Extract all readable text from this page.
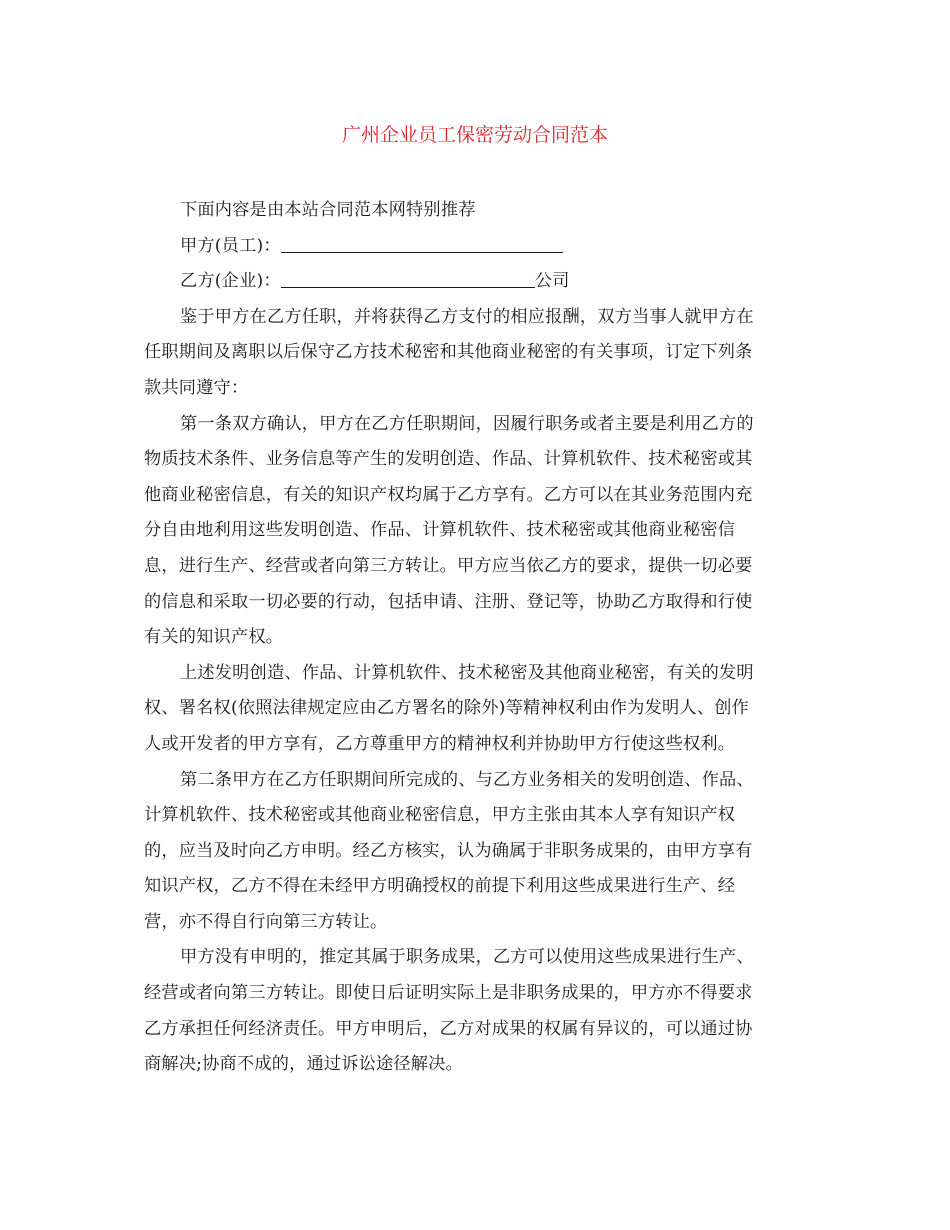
广州企业员工保密劳动合同范本
下面内容是由本站合同范本网特别推荐
甲方(员工)：
乙方(企业)：	公司
鉴于甲方在乙方任职，并将获得乙方支付的相应报酬，双方当事人就甲方在
任职期间及离职以后保守乙方技术秘密和其他商业秘密的有关事项，订定下列条
款共同遵守：
第一条双方确认，甲方在乙方任职期间，因履行职务或者主要是利用乙方的
物质技术条件、业务信息等产生的发明创造、作品、计算机软件、技术秘密或其
他商业秘密信息，有关的知识产权均属于乙方享有。乙方可以在其业务范围内充
分自由地利用这些发明创造、作品、计算机软件、技术秘密或其他商业秘密信
息，进行生产、经营或者向第三方转让。甲方应当依乙方的要求，提供一切必要
的信息和采取一切必要的行动，包括申请、注册、登记等，协助乙方取得和行使
有关的知识产权。
上述发明创造、作品、计算机软件、技术秘密及其他商业秘密，有关的发明
权、署名权(依照法律规定应由乙方署名的除外)等精神权利由作为发明人、创作
人或开发者的甲方享有，乙方尊重甲方的精神权利并协助甲方行使这些权利。
第二条甲方在乙方任职期间所完成的、与乙方业务相关的发明创造、作品、
计算机软件、技术秘密或其他商业秘密信息，甲方主张由其本人享有知识产权
的，应当及时向乙方申明。经乙方核实，认为确属于非职务成果的，由甲方享有
知识产权，乙方不得在未经甲方明确授权的前提下利用这些成果进行生产、经
营，亦不得自行向第三方转让。
甲方没有申明的，推定其属于职务成果，乙方可以使用这些成果进行生产、
经营或者向第三方转让。即使日后证明实际上是非职务成果的，甲方亦不得要求
乙方承担任何经济责任。甲方申明后，乙方对成果的权属有异议的，可以通过协
商解决;协商不成的，通过诉讼途径解决。
